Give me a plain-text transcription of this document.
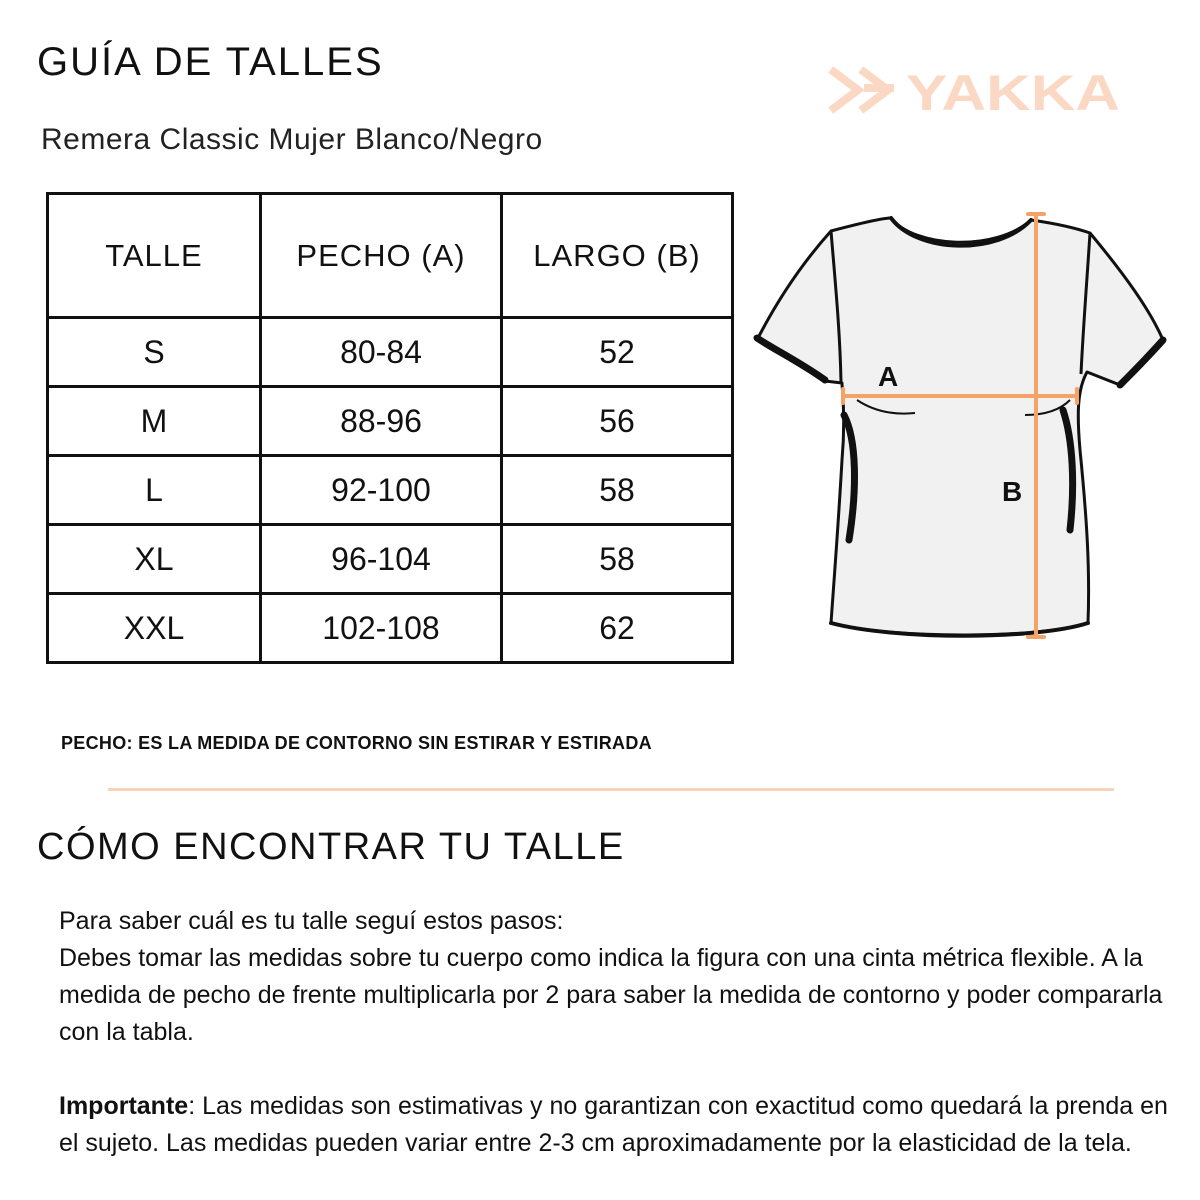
GUÍA DE TALLES
Remera Classic Mujer Blanco/Negro
YAKKA
TALLE	PECHO (A)	LARGO (B)
S	80-84	52
M	88-96	56
L	92-100	58
XL	96-104	58
XXL	102-108	62
A
B

PECHO: ES LA MEDIDA DE CONTORNO SIN ESTIRAR Y ESTIRADA

CÓMO ENCONTRAR TU TALLE

Para saber cuál es tu talle seguí estos pasos:

Debes tomar las medidas sobre tu cuerpo como indica la figura con una cinta métrica flexible. A la medida de pecho de frente multiplicarla por 2 para saber la medida de contorno y poder compararla con la tabla.

Importante: Las medidas son estimativas y no garantizan con exactitud como quedará la prenda en el sujeto. Las medidas pueden variar entre 2-3 cm aproximadamente por la elasticidad de la tela.
